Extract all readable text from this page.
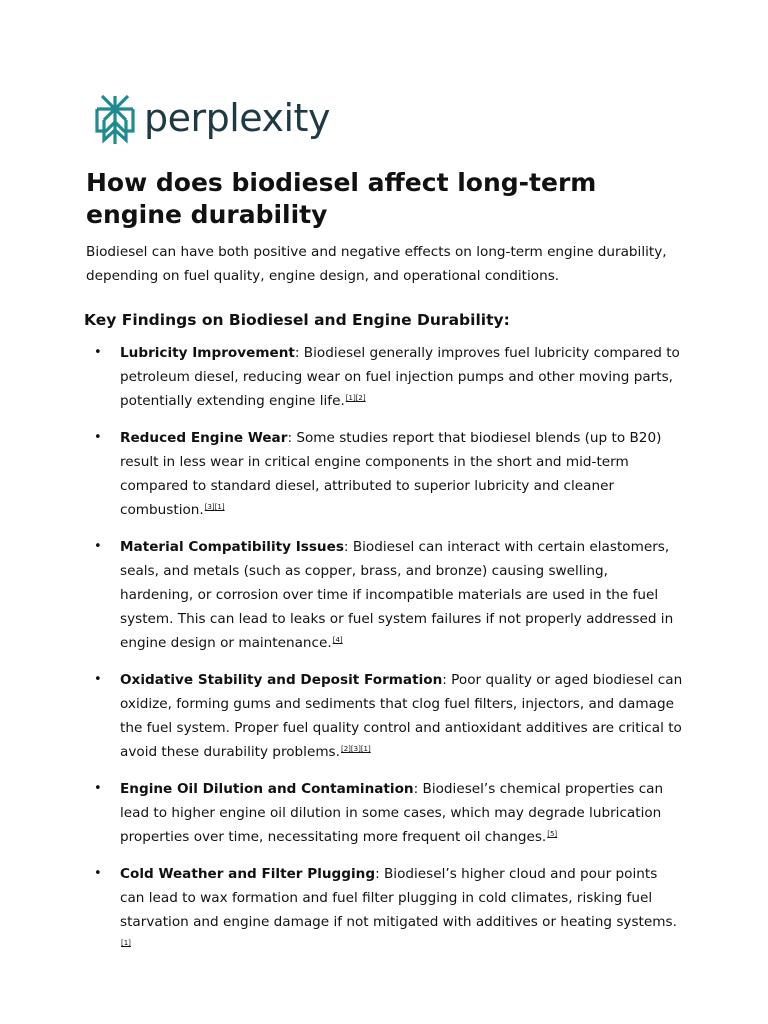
perplexity
How does biodiesel affect long-term engine durability

Biodiesel can have both positive and negative effects on long-term engine durability, depending on fuel quality, engine design, and operational conditions.

Key Findings on Biodiesel and Engine Durability:
• Lubricity Improvement: Biodiesel generally improves fuel lubricity compared to petroleum diesel, reducing wear on fuel injection pumps and other moving parts, potentially extending engine life.[1][2]
• Reduced Engine Wear: Some studies report that biodiesel blends (up to B20) result in less wear in critical engine components in the short and mid-term compared to standard diesel, attributed to superior lubricity and cleaner combustion.[3][1]
• Material Compatibility Issues: Biodiesel can interact with certain elastomers, seals, and metals (such as copper, brass, and bronze) causing swelling, hardening, or corrosion over time if incompatible materials are used in the fuel system. This can lead to leaks or fuel system failures if not properly addressed in engine design or maintenance.[4]
• Oxidative Stability and Deposit Formation: Poor quality or aged biodiesel can oxidize, forming gums and sediments that clog fuel filters, injectors, and damage the fuel system. Proper fuel quality control and antioxidant additives are critical to avoid these durability problems.[2][3][1]
• Engine Oil Dilution and Contamination: Biodiesel’s chemical properties can lead to higher engine oil dilution in some cases, which may degrade lubrication properties over time, necessitating more frequent oil changes.[5]
• Cold Weather and Filter Plugging: Biodiesel’s higher cloud and pour points can lead to wax formation and fuel filter plugging in cold climates, risking fuel starvation and engine damage if not mitigated with additives or heating systems.[1]
